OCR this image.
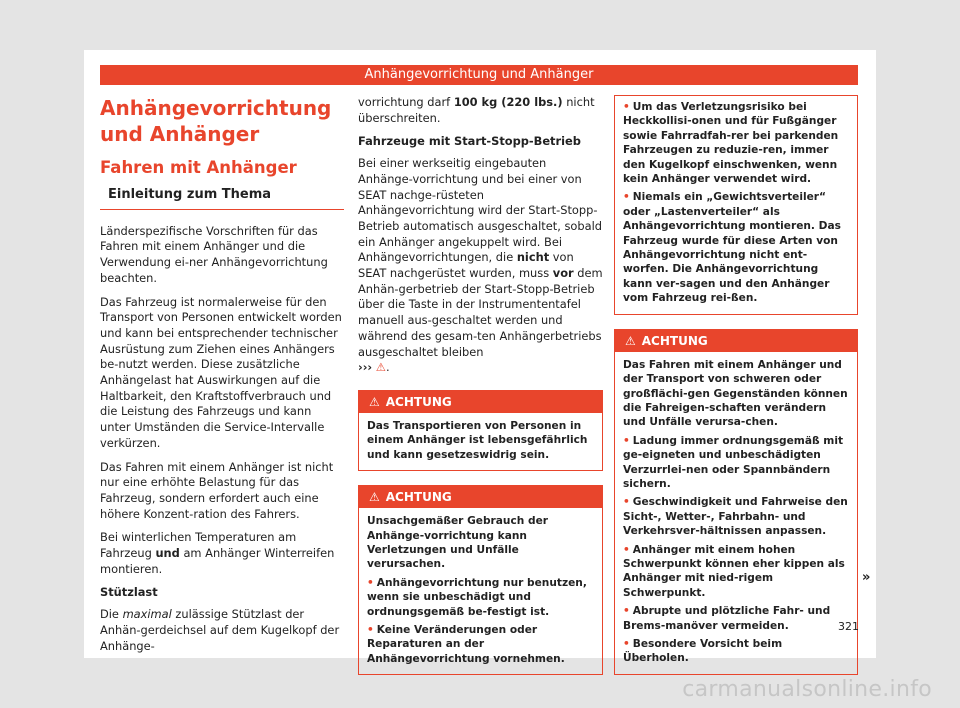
Anhängevorrichtung und Anhänger
Anhängevorrichtung und Anhänger
Fahren mit Anhänger
Einleitung zum Thema

Länderspezifische Vorschriften für das Fahren mit einem Anhänger und die Verwendung ei-ner Anhängevorrichtung beachten.

Das Fahrzeug ist normalerweise für den Transport von Personen entwickelt worden und kann bei entsprechender technischer Ausrüstung zum Ziehen eines Anhängers be-nutzt werden. Diese zusätzliche Anhängelast hat Auswirkungen auf die Haltbarkeit, den Kraftstoffverbrauch und die Leistung des Fahrzeugs und kann unter Umständen die Service-Intervalle verkürzen.

Das Fahren mit einem Anhänger ist nicht nur eine erhöhte Belastung für das Fahrzeug, sondern erfordert auch eine höhere Konzent-ration des Fahrers.

Bei winterlichen Temperaturen am Fahrzeug und am Anhänger Winterreifen montieren.

Stützlast

Die maximal zulässige Stützlast der Anhän-gerdeichsel auf dem Kugelkopf der Anhänge-

vorrichtung darf 100 kg (220 lbs.) nicht überschreiten.

Fahrzeuge mit Start-Stopp-Betrieb

Bei einer werkseitig eingebauten Anhänge-vorrichtung und bei einer von SEAT nachge-rüsteten Anhängevorrichtung wird der Start-Stopp-Betrieb automatisch ausgeschaltet, sobald ein Anhänger angekuppelt wird. Bei Anhängevorrichtungen, die nicht von SEAT nachgerüstet wurden, muss vor dem Anhän-gerbetrieb der Start-Stopp-Betrieb über die Taste in der Instrumententafel manuell aus-geschaltet werden und während des gesam-ten Anhängerbetriebs ausgeschaltet bleiben
››› ⚠.

⚠ ACHTUNG
Das Transportieren von Personen in einem Anhänger ist lebensgefährlich und kann gesetzeswidrig sein.
⚠ ACHTUNG
Unsachgemäßer Gebrauch der Anhänge-vorrichtung kann Verletzungen und Unfälle verursachen.
• Anhängevorrichtung nur benutzen, wenn sie unbeschädigt und ordnungsgemäß be-festigt ist.
• Keine Veränderungen oder Reparaturen an der Anhängevorrichtung vornehmen.
• Um das Verletzungsrisiko bei Heckkollisi-onen und für Fußgänger sowie Fahrradfah-rer bei parkenden Fahrzeugen zu reduzie-ren, immer den Kugelkopf einschwenken, wenn kein Anhänger verwendet wird.
• Niemals ein „Gewichtsverteiler“ oder „Lastenverteiler“ als Anhängevorrichtung montieren. Das Fahrzeug wurde für diese Arten von Anhängevorrichtung nicht ent-worfen. Die Anhängevorrichtung kann ver-sagen und den Anhänger vom Fahrzeug rei-ßen.
⚠ ACHTUNG
Das Fahren mit einem Anhänger und der Transport von schweren oder großflächi-gen Gegenständen können die Fahreigen-schaften verändern und Unfälle verursa-chen.
• Ladung immer ordnungsgemäß mit ge-eigneten und unbeschädigten Verzurrlei-nen oder Spannbändern sichern.
• Geschwindigkeit und Fahrweise den Sicht-, Wetter-, Fahrbahn- und Verkehrsver-hältnissen anpassen.
• Anhänger mit einem hohen Schwerpunkt können eher kippen als Anhänger mit nied-rigem Schwerpunkt.
• Abrupte und plötzliche Fahr- und Brems-manöver vermeiden.
• Besondere Vorsicht beim Überholen.
»
321
carmanualsonline.info
